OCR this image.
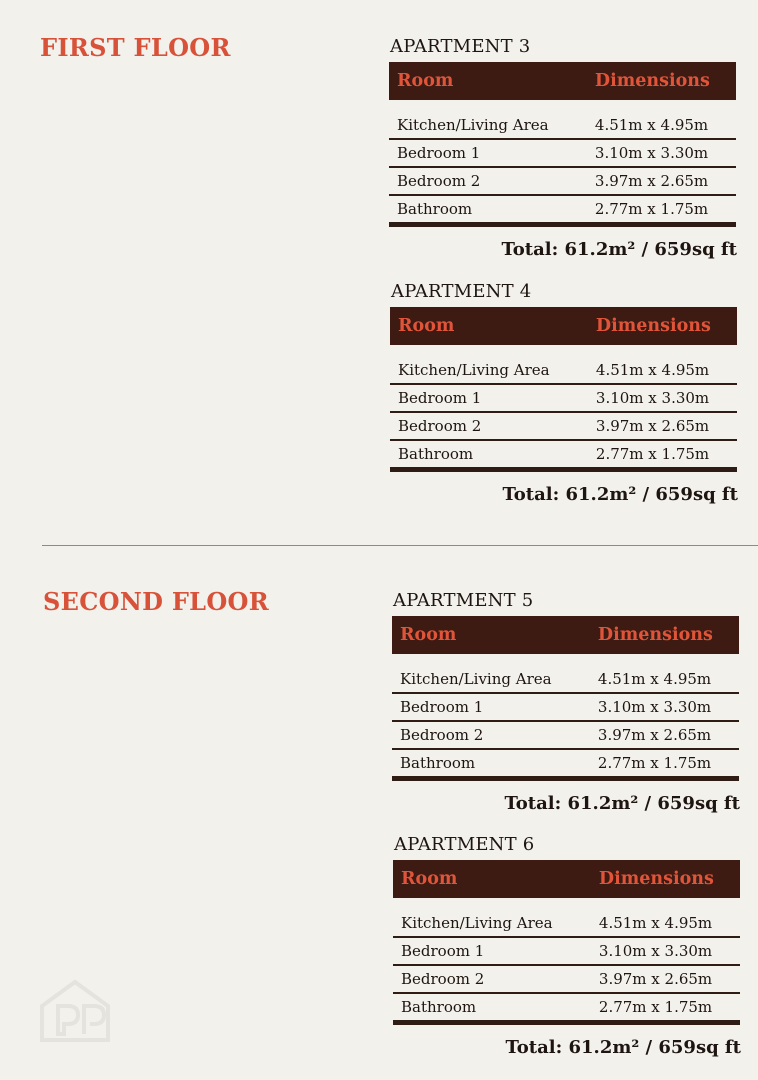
FIRST FLOOR	APARTMENT 3
Room	Dimensions

Kitchen/Living Area	4.51m x 4.95m
Bedroom 1	3.10m x 3.30m
Bedroom 2	3.97m x 2.65m
Bathroom	2.77m x 1.75m
Total: 61.2m² / 659sq ft
APARTMENT 4
Room	Dimensions

Kitchen/Living Area	4.51m x 4.95m
Bedroom 1	3.10m x 3.30m
Bedroom 2	3.97m x 2.65m
Bathroom	2.77m x 1.75m
Total: 61.2m² / 659sq ft
SECOND FLOOR	APARTMENT 5
Room	Dimensions

Kitchen/Living Area	4.51m x 4.95m
Bedroom 1	3.10m x 3.30m
Bedroom 2	3.97m x 2.65m
Bathroom	2.77m x 1.75m
Total: 61.2m² / 659sq ft
APARTMENT 6
Room	Dimensions

Kitchen/Living Area	4.51m x 4.95m
Bedroom 1	3.10m x 3.30m
Bedroom 2	3.97m x 2.65m
Bathroom	2.77m x 1.75m
Total: 61.2m² / 659sq ft
